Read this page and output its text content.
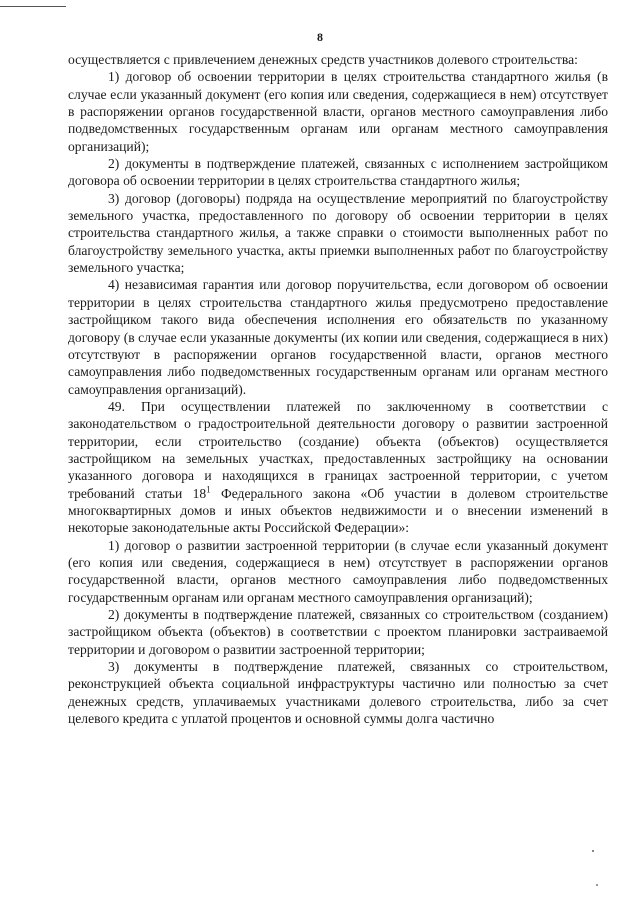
8

осуществляется с привлечением денежных средств участников долевого строительства:

1) договор об освоении территории в целях строительства стандартного жилья (в случае если указанный документ (его копия или сведения, содержащиеся в нем) отсутствует в распоряжении органов государственной власти, органов местного самоуправления либо подведомственных государственным органам или органам местного самоуправления организаций);

2) документы в подтверждение платежей, связанных с исполнением застройщиком договора об освоении территории в целях строительства стандартного жилья;

3) договор (договоры) подряда на осуществление мероприятий по благоустройству земельного участка, предоставленного по договору об освоении территории в целях строительства стандартного жилья, а также справки о стоимости выполненных работ по благоустройству земельного участка, акты приемки выполненных работ по благоустройству земельного участка;

4) независимая гарантия или договор поручительства, если договором об освоении территории в целях строительства стандартного жилья предусмотрено предоставление застройщиком такого вида обеспечения исполнения его обязательств по указанному договору (в случае если указанные документы (их копии или сведения, содержащиеся в них) отсутствуют в распоряжении органов государственной власти, органов местного самоуправления либо подведомственных государственным органам или органам местного самоуправления организаций).

49. При осуществлении платежей по заключенному в соответствии с законодательством о градостроительной деятельности договору о развитии застроенной территории, если строительство (создание) объекта (объектов) осуществляется застройщиком на земельных участках, предоставленных застройщику на основании указанного договора и находящихся в границах застроенной территории, с учетом требований статьи $18^1$ Федерального закона «Об участии в долевом строительстве многоквартирных домов и иных объектов недвижимости и о внесении изменений в некоторые законодательные акты Российской Федерации»:

1) договор о развитии застроенной территории (в случае если указанный документ (его копия или сведения, содержащиеся в нем) отсутствует в распоряжении органов государственной власти, органов местного самоуправления либо подведомственных государственным органам или органам местного самоуправления организаций);

2) документы в подтверждение платежей, связанных со строительством (созданием) застройщиком объекта (объектов) в соответствии с проектом планировки застраиваемой территории и договором о развитии застроенной территории;

3) документы в подтверждение платежей, связанных со строительством, реконструкцией объекта социальной инфраструктуры частично или полностью за счет денежных средств, уплачиваемых участниками долевого строительства, либо за счет целевого кредита с уплатой процентов и основной суммы долга частично
